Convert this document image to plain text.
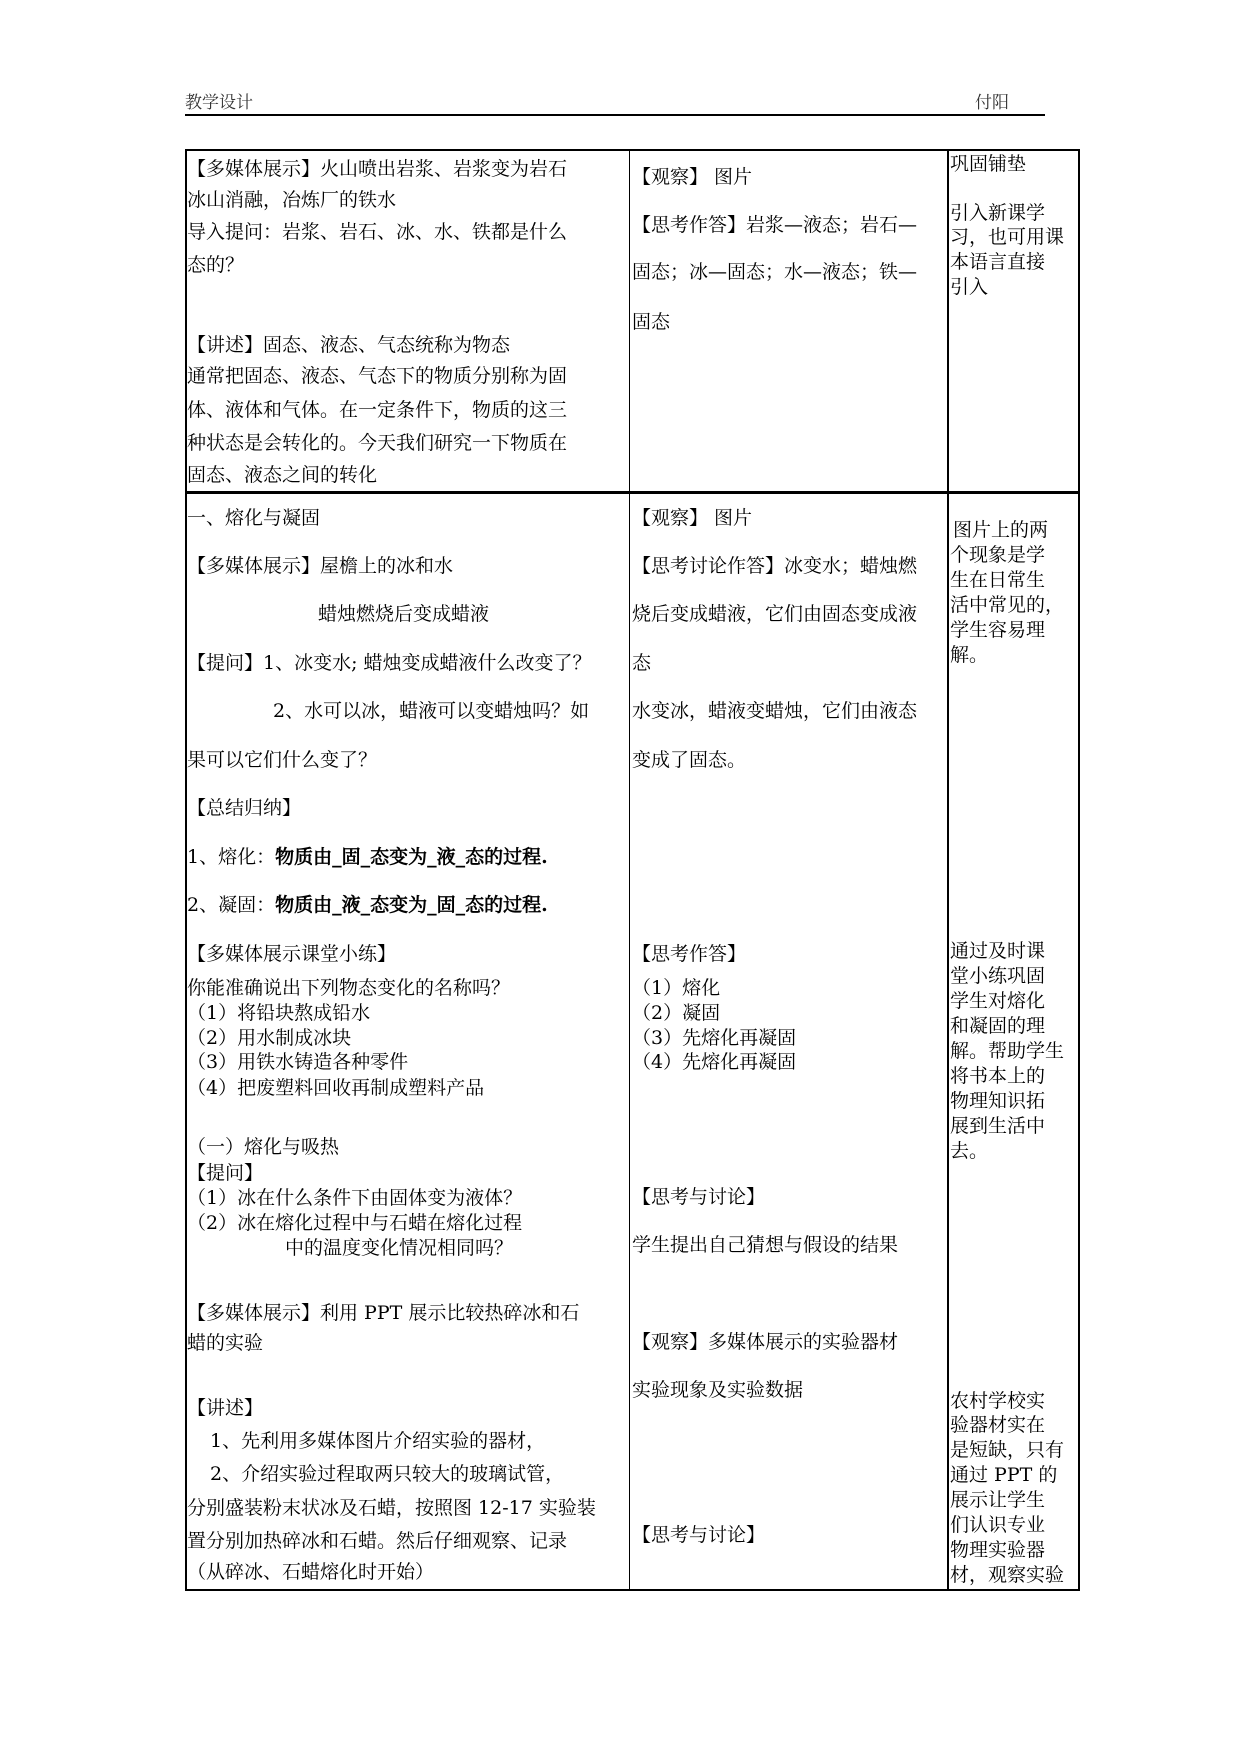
教学设计	付阳
【多媒体展示】火山喷出岩浆、岩浆变为岩石
冰山消融，冶炼厂的铁水
导入提问：岩浆、岩石、冰、水、铁都是什么
态的？
【讲述】固态、液态、气态统称为物态
通常把固态、液态、气态下的物质分别称为固
体、液体和气体。在一定条件下，物质的这三
种状态是会转化的。今天我们研究一下物质在
固态、液态之间的转化
【观察】 图片
【思考作答】岩浆—液态；岩石—
固态；冰—固态；水—液态；铁—
固态
巩固铺垫
引入新课学
习，也可用课
本语言直接
引入
一、熔化与凝固
【多媒体展示】屋檐上的冰和水
蜡烛燃烧后变成蜡液
【提问】1、冰变水; 蜡烛变成蜡液什么改变了？
2、水可以冰，蜡液可以变蜡烛吗？如
果可以它们什么变了？
【总结归纳】
1、熔化：物质由_固_态变为_液_态的过程.
2、凝固：物质由_液_态变为_固_态的过程.
【多媒体展示课堂小练】
你能准确说出下列物态变化的名称吗？
（1）将铅块熬成铅水
（2）用水制成冰块
（3）用铁水铸造各种零件
（4）把废塑料回收再制成塑料产品
（一）熔化与吸热
【提问】
（1）冰在什么条件下由固体变为液体？
（2）冰在熔化过程中与石蜡在熔化过程
中的温度变化情况相同吗？
【多媒体展示】利用 PPT 展示比较热碎冰和石
蜡的实验
【讲述】
1、先利用多媒体图片介绍实验的器材，
2、介绍实验过程取两只较大的玻璃试管，
分别盛装粉末状冰及石蜡，按照图 12-17 实验装
置分别加热碎冰和石蜡。然后仔细观察、记录
（从碎冰、石蜡熔化时开始）
【观察】 图片
【思考讨论作答】冰变水；蜡烛燃
烧后变成蜡液，它们由固态变成液
态
水变冰，蜡液变蜡烛，它们由液态
变成了固态。
【思考作答】
（1）熔化
（2）凝固
（3）先熔化再凝固
（4）先熔化再凝固
【思考与讨论】
学生提出自己猜想与假设的结果
【观察】多媒体展示的实验器材
实验现象及实验数据
【思考与讨论】
图片上的两
个现象是学
生在日常生
活中常见的，
学生容易理
解。
通过及时课
堂小练巩固
学生对熔化
和凝固的理
解。帮助学生
将书本上的
物理知识拓
展到生活中
去。
农村学校实
验器材实在
是短缺，只有
通过 PPT 的
展示让学生
们认识专业
物理实验器
材，观察实验
